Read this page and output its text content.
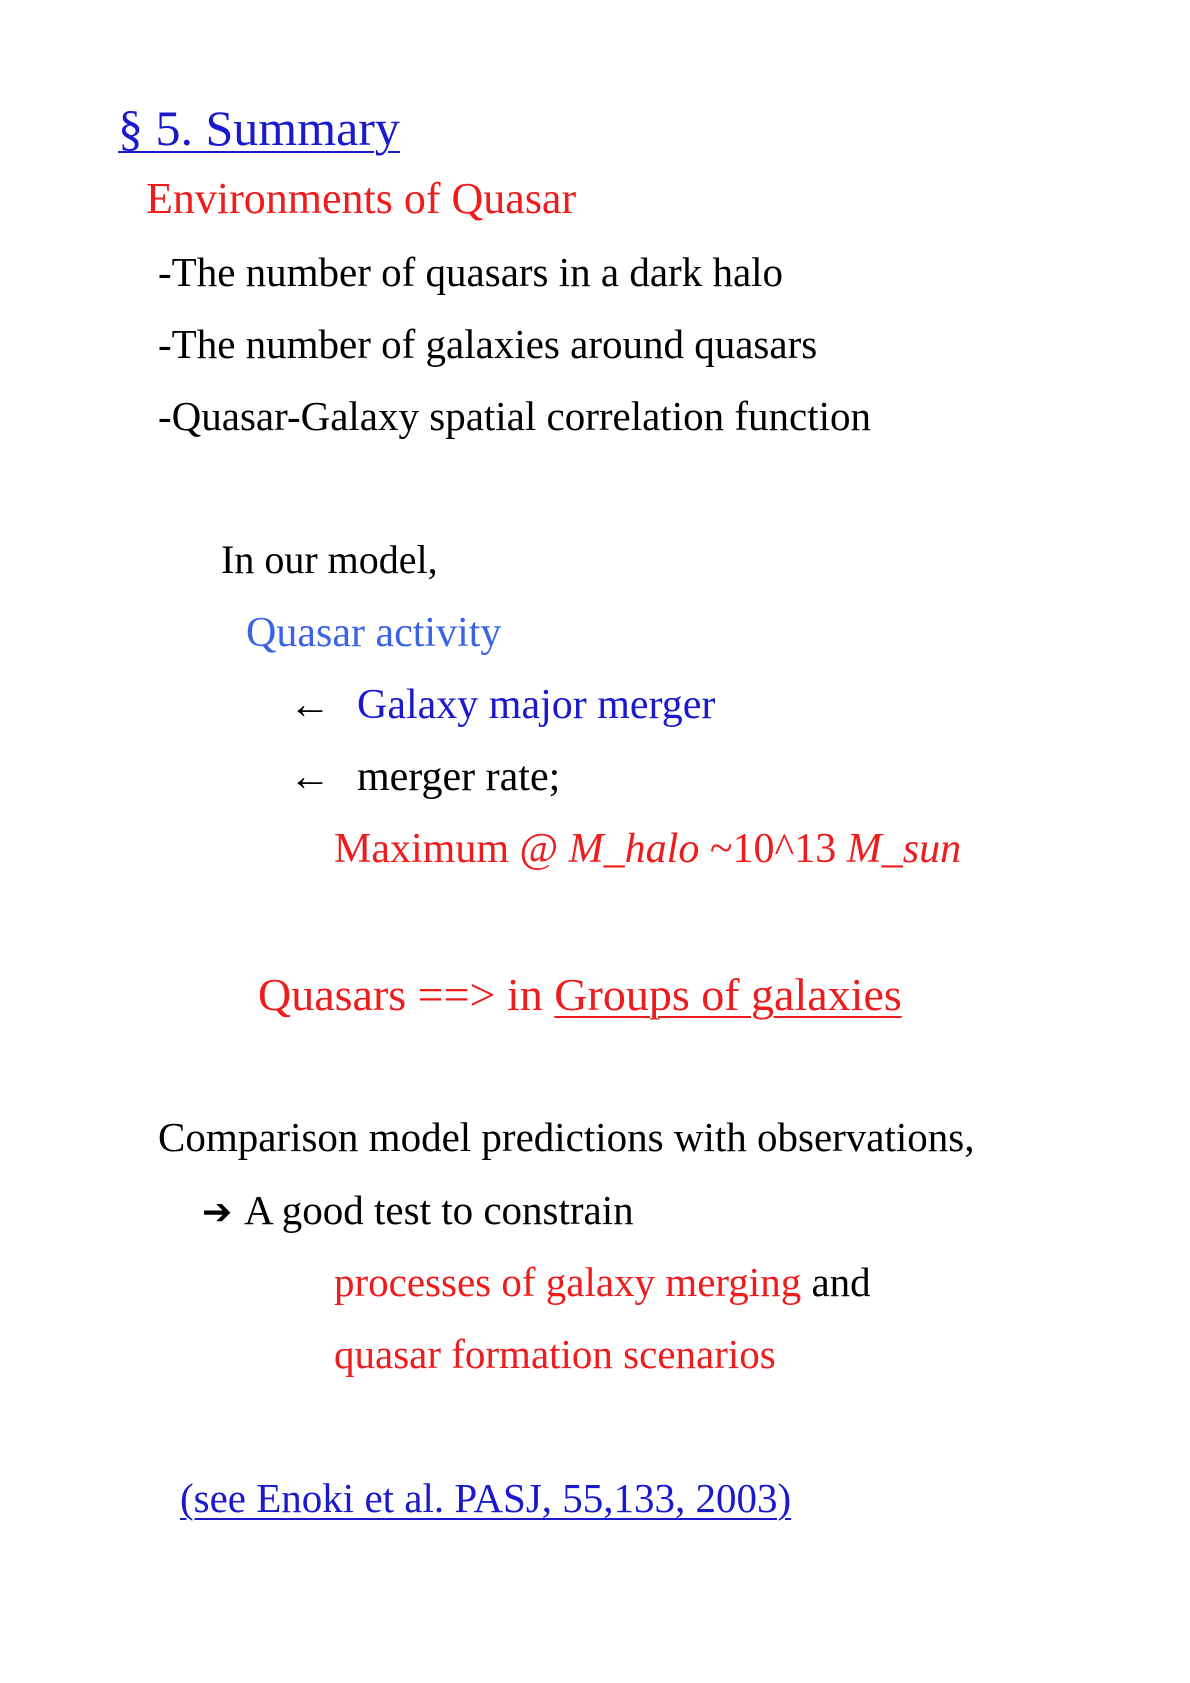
§ 5. Summary
Environments of Quasar
-The number of quasars in a dark halo
-The number of galaxies around quasars
-Quasar-Galaxy spatial correlation function
In our model,
Quasar activity
← Galaxy major merger
← merger rate;
Maximum @ M_halo ~10^13 M_sun
Quasars ==> in Groups of galaxies
Comparison model predictions with observations,
➔ A good test to constrain
processes of galaxy merging and
quasar formation scenarios
(see Enoki et al. PASJ, 55,133, 2003)
